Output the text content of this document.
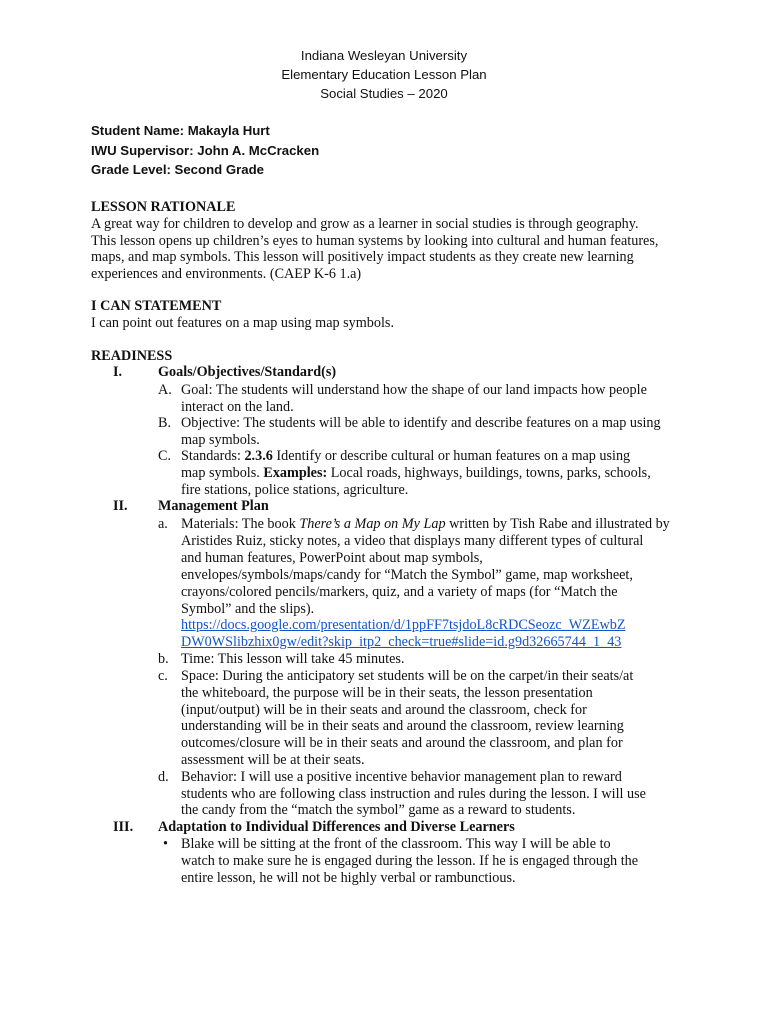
Indiana Wesleyan University
Elementary Education Lesson Plan
Social Studies – 2020
Student Name: Makayla Hurt
IWU Supervisor: John A. McCracken
Grade Level: Second Grade
LESSON RATIONALE
A great way for children to develop and grow as a learner in social studies is through geography.
This lesson opens up children’s eyes to human systems by looking into cultural and human features,
maps, and map symbols. This lesson will positively impact students as they create new learning
experiences and environments. (CAEP K-6 1.a)
I CAN STATEMENT
I can point out features on a map using map symbols.
READINESS
I.	Goals/Objectives/Standard(s)
A. Goal: The students will understand how the shape of our land impacts how people
interact on the land.
B. Objective: The students will be able to identify and describe features on a map using
map symbols.
C. Standards: 2.3.6 Identify or describe cultural or human features on a map using
map symbols. Examples: Local roads, highways, buildings, towns, parks, schools,
fire stations, police stations, agriculture.
II.	Management Plan
a. Materials: The book There’s a Map on My Lap written by Tish Rabe and illustrated by
Aristides Ruiz, sticky notes, a video that displays many different types of cultural
and human features, PowerPoint about map symbols,
envelopes/symbols/maps/candy for “Match the Symbol” game, map worksheet,
crayons/colored pencils/markers, quiz, and a variety of maps (for “Match the
Symbol” and the slips).
https://docs.google.com/presentation/d/1ppFF7tsjdoL8cRDCSeozc_WZEwbZ
DW0WSlibzhix0gw/edit?skip_itp2_check=true#slide=id.g9d32665744_1_43
b. Time: This lesson will take 45 minutes.
c. Space: During the anticipatory set students will be on the carpet/in their seats/at
the whiteboard, the purpose will be in their seats, the lesson presentation
(input/output) will be in their seats and around the classroom, check for
understanding will be in their seats and around the classroom, review learning
outcomes/closure will be in their seats and around the classroom, and plan for
assessment will be at their seats.
d. Behavior: I will use a positive incentive behavior management plan to reward
students who are following class instruction and rules during the lesson. I will use
the candy from the “match the symbol” game as a reward to students.
III.	Adaptation to Individual Differences and Diverse Learners
• Blake will be sitting at the front of the classroom. This way I will be able to
watch to make sure he is engaged during the lesson. If he is engaged through the
entire lesson, he will not be highly verbal or rambunctious.
